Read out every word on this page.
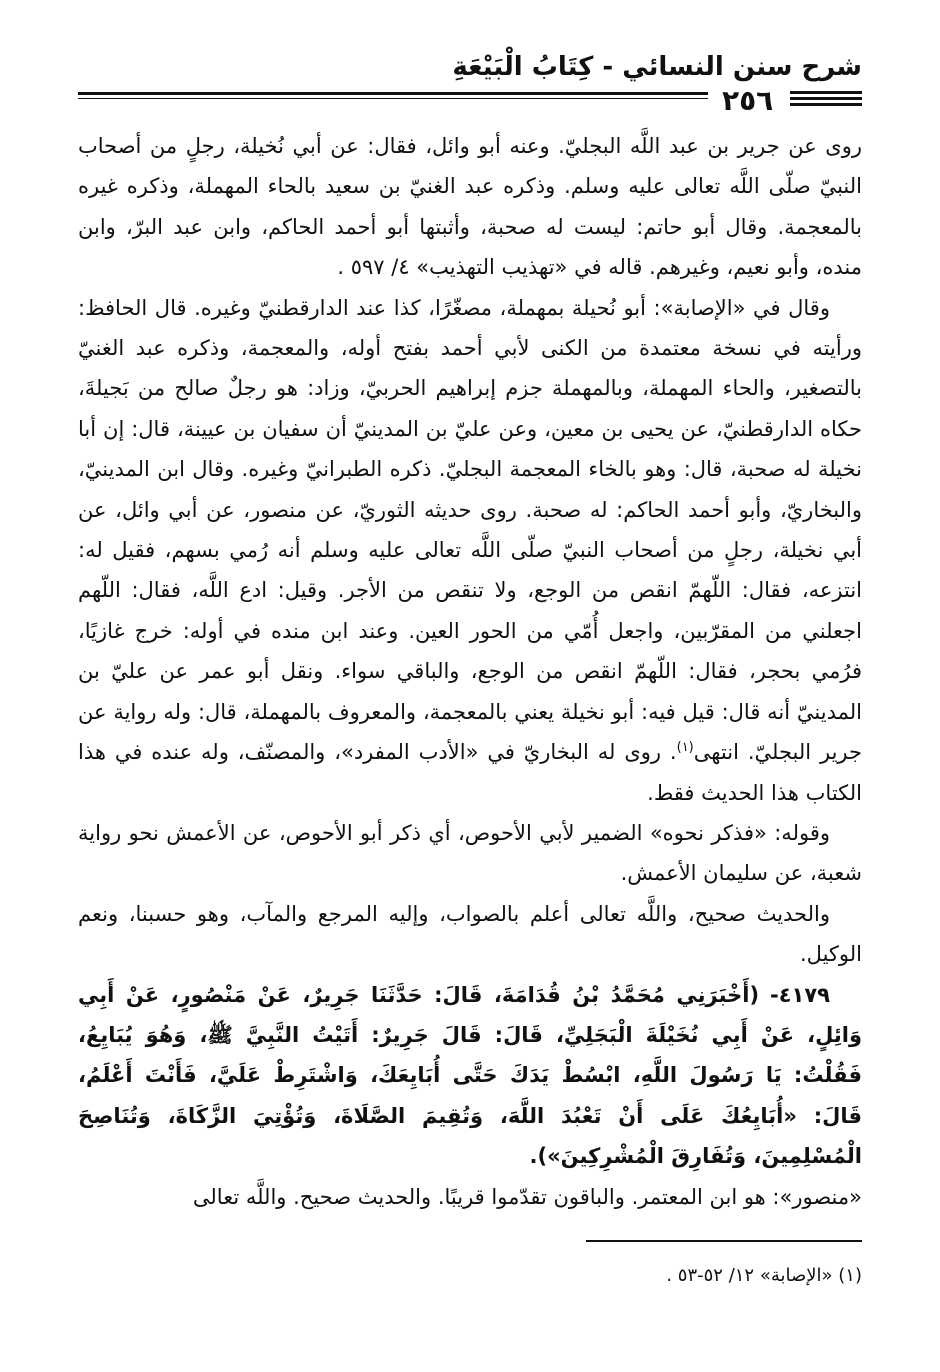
شرح سنن النسائي - كِتَابُ الْبَيْعَةِ
٢٥٦

روى عن جرير بن عبد اللَّه البجليّ. وعنه أبو وائل، فقال: عن أبي نُخيلة، رجلٍ من أصحاب النبيّ صلّى اللَّه تعالى عليه وسلم. وذكره عبد الغنيّ بن سعيد بالحاء المهملة، وذكره غيره بالمعجمة. وقال أبو حاتم: ليست له صحبة، وأثبتها أبو أحمد الحاكم، وابن عبد البرّ، وابن منده، وأبو نعيم، وغيرهم. قاله في «تهذيب التهذيب» ٤/ ٥٩٧ .

وقال في «الإصابة»: أبو نُحيلة بمهملة، مصغّرًا، كذا عند الدارقطنيّ وغيره. قال الحافظ: ورأيته في نسخة معتمدة من الكنى لأبي أحمد بفتح أوله، والمعجمة، وذكره عبد الغنيّ بالتصغير، والحاء المهملة، وبالمهملة جزم إبراهيم الحربيّ، وزاد: هو رجلٌ صالح من بَجيلةَ، حكاه الدارقطنيّ، عن يحيى بن معين، وعن عليّ بن المدينيّ أن سفيان بن عيينة، قال: إن أبا نخيلة له صحبة، قال: وهو بالخاء المعجمة البجليّ. ذكره الطبرانيّ وغيره. وقال ابن المدينيّ، والبخاريّ، وأبو أحمد الحاكم: له صحبة. روى حديثه الثوريّ، عن منصور، عن أبي وائل، عن أبي نخيلة، رجلٍ من أصحاب النبيّ صلّى اللَّه تعالى عليه وسلم أنه رُمي بسهم، فقيل له: انتزعه، فقال: اللّهمّ انقص من الوجع، ولا تنقص من الأجر. وقيل: ادع اللَّه، فقال: اللّهم اجعلني من المقرّبين، واجعل أُمّي من الحور العين. وعند ابن منده في أوله: خرج غازيًا، فرُمي بحجر، فقال: اللّهمّ انقص من الوجع، والباقي سواء. ونقل أبو عمر عن عليّ بن المدينيّ أنه قال: قيل فيه: أبو نخيلة يعني بالمعجمة، والمعروف بالمهملة، قال: وله رواية عن جرير البجليّ. انتهى$^{(١)}$. روى له البخاريّ في «الأدب المفرد»، والمصنّف، وله عنده في هذا الكتاب هذا الحديث فقط.

وقوله: «فذكر نحوه» الضمير لأبي الأحوص، أي ذكر أبو الأحوص، عن الأعمش نحو رواية شعبة، عن سليمان الأعمش.

والحديث صحيح، واللَّه تعالى أعلم بالصواب، وإليه المرجع والمآب، وهو حسبنا، ونعم الوكيل.

٤١٧٩- (أَخْبَرَنِي مُحَمَّدُ بْنُ قُدَامَةَ، قَالَ: حَدَّثَنَا جَرِيرٌ، عَنْ مَنْصُورٍ، عَنْ أَبِي وَائِلٍ، عَنْ أَبِي نُخَيْلَةَ الْبَجَلِيِّ، قَالَ: قَالَ جَرِيرٌ: أَتَيْتُ النَّبِيَّ ﷺ، وَهُوَ يُبَايِعُ، فَقُلْتُ: يَا رَسُولَ اللَّهِ، ابْسُطْ يَدَكَ حَتَّى أُبَايِعَكَ، وَاشْتَرِطْ عَلَيَّ، فَأَنْتَ أَعْلَمُ، قَالَ: «أُبَايِعُكَ عَلَى أَنْ تَعْبُدَ اللَّهَ، وَتُقِيمَ الصَّلَاةَ، وَتُؤْتِيَ الزَّكَاةَ، وَتُنَاصِحَ الْمُسْلِمِينَ، وَتُفَارِقَ الْمُشْرِكِينَ»).

«منصور»: هو ابن المعتمر. والباقون تقدّموا قريبًا. والحديث صحيح. واللَّه تعالى

(١) «الإصابة» ١٢/ ٥٢-٥٣ .
